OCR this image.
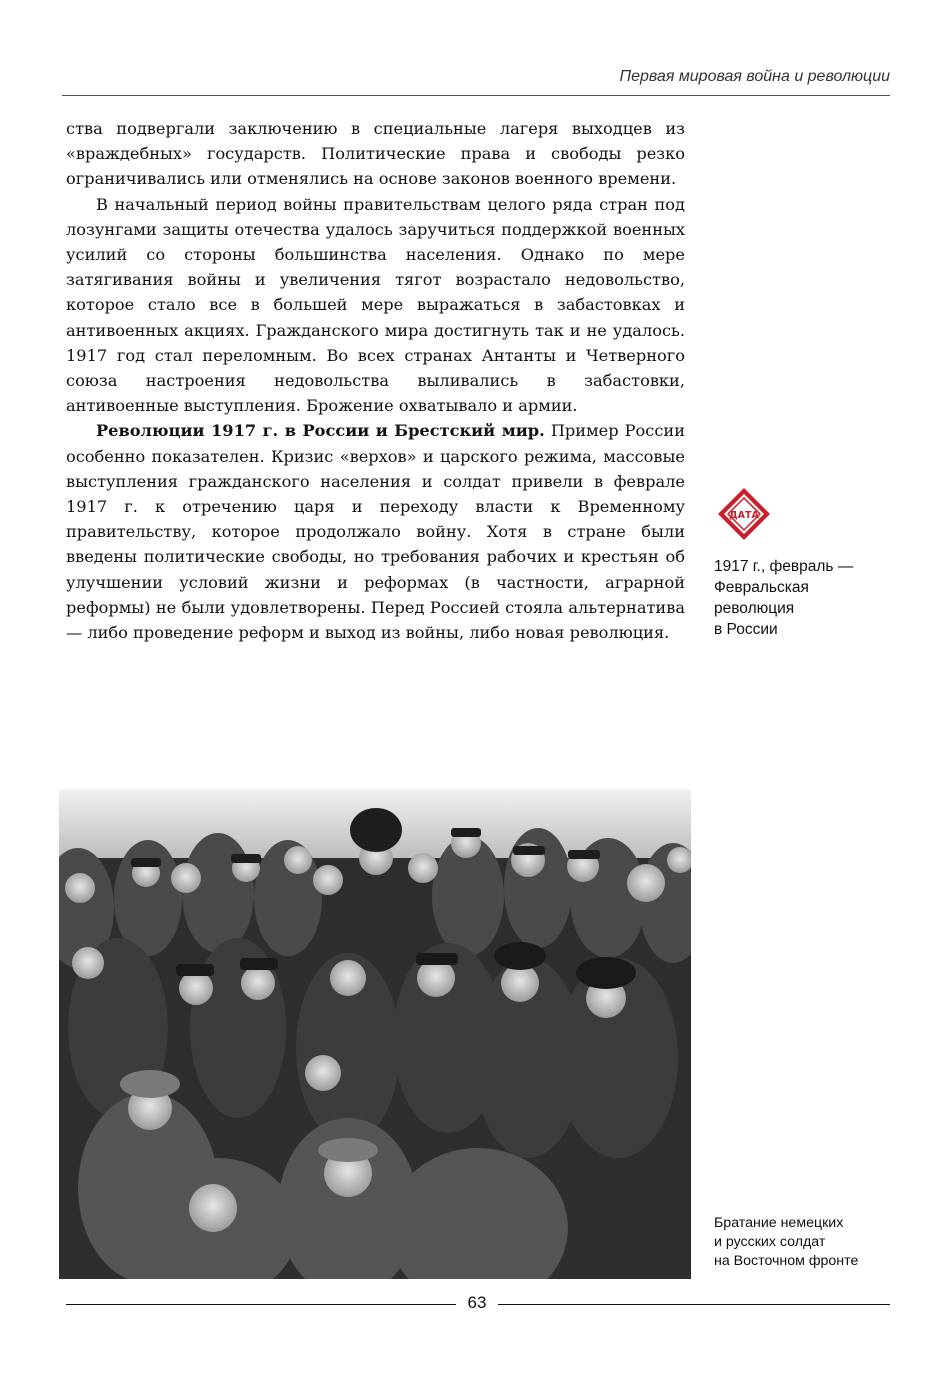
Первая мировая война и революции

ства подвергали заключению в специальные лагеря выходцев из «враждебных» государств. Политические права и свободы резко ограничивались или отменялись на основе законов военного времени.

В начальный период войны правительствам целого ряда стран под лозунгами защиты отечества удалось заручиться поддержкой военных усилий со стороны большинства населения. Однако по мере затягивания войны и увеличения тягот возрастало недовольство, которое стало все в большей мере выражаться в забастовках и антивоенных акциях. Гражданского мира достигнуть так и не удалось. 1917 год стал переломным. Во всех странах Антанты и Четверного союза настроения недовольства выливались в забастовки, антивоенные выступления. Брожение охватывало и армии.

Революции 1917 г. в России и Брестский мир. Пример России особенно показателен. Кризис «верхов» и царского режима, массовые выступления гражданского населения и солдат привели в феврале 1917 г. к отречению царя и переходу власти к Временному правительству, которое продолжало войну. Хотя в стране были введены политические свободы, но требования рабочих и крестьян об улучшении условий жизни и реформах (в частности, аграрной реформы) не были удовлетворены. Перед Россией стояла альтернатива — либо проведение реформ и выход из войны, либо новая революция.

ДАТА
1917 г., февраль —
Февральская
революция
в России
Братание немецких
и русских солдат
на Восточном фронте
63
